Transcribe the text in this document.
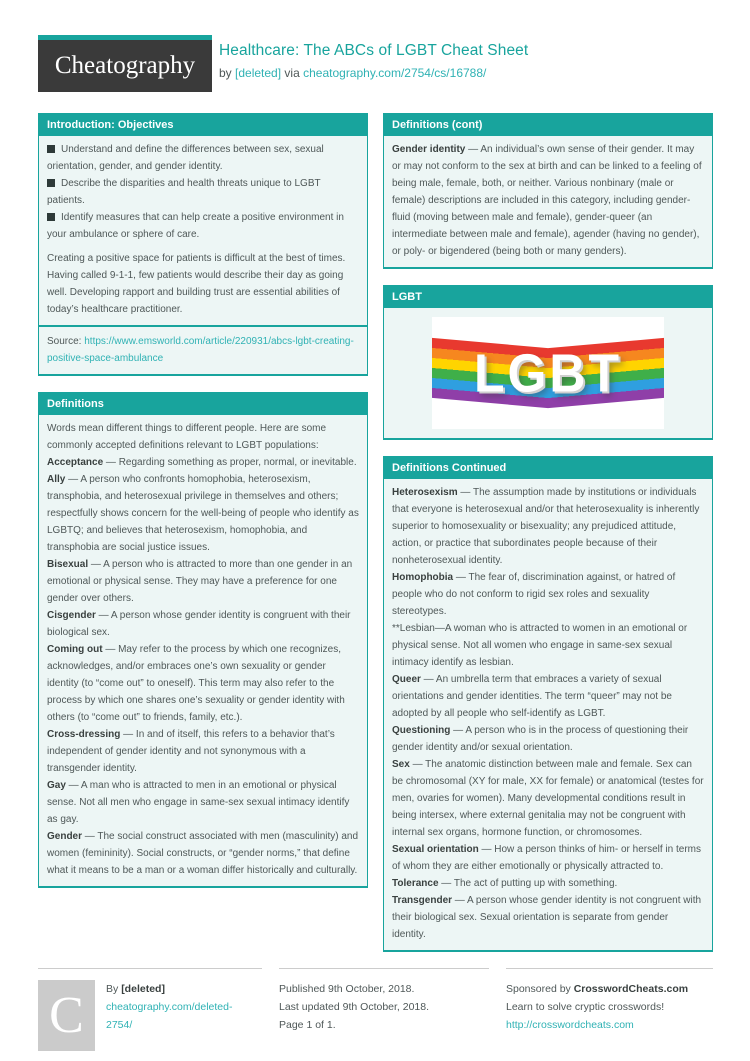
Cheatography
Healthcare: The ABCs of LGBT Cheat Sheet
by [deleted] via cheatography.com/2754/cs/16788/
Introduction: Objectives

Understand and define the differences between sex, sexual orientation, gender, and gender identity.

Describe the disparities and health threats unique to LGBT patients.

Identify measures that can help create a positive environment in your ambulance or sphere of care.

Creating a positive space for patients is difficult at the best of times. Having called 9-1-1, few patients would describe their day as going well. Developing rapport and building trust are essential abilities of today’s healthcare practitioner.

Source: https://www.emsworld.com/article/220931/abcs-lgbt-creating-positive-space-ambulance
Definitions

Words mean different things to different people. Here are some commonly accepted definitions relevant to LGBT populations:

Acceptance — Regarding something as proper, normal, or inevitable.

Ally — A person who confronts homophobia, heterosexism, transphobia, and heterosexual privilege in themselves and others; respectfully shows concern for the well-being of people who identify as LGBTQ; and believes that heterosexism, homophobia, and transphobia are social justice issues.

Bisexual — A person who is attracted to more than one gender in an emotional or physical sense. They may have a preference for one gender over others.

Cisgender — A person whose gender identity is congruent with their biological sex.

Coming out — May refer to the process by which one recognizes, acknowledges, and/or embraces one’s own sexuality or gender identity (to “come out” to oneself). This term may also refer to the process by which one shares one’s sexuality or gender identity with others (to “come out” to friends, family, etc.).

Cross-dressing — In and of itself, this refers to a behavior that’s independent of gender identity and not synonymous with a transgender identity.

Gay — A man who is attracted to men in an emotional or physical sense. Not all men who engage in same-sex sexual intimacy identify as gay.

Gender — The social construct associated with men (masculinity) and women (femininity). Social constructs, or “gender norms,” that define what it means to be a man or a woman differ historically and culturally.

Definitions (cont)

Gender identity — An individual’s own sense of their gender. It may or may not conform to the sex at birth and can be linked to a feeling of being male, female, both, or neither. Various nonbinary (male or female) descriptions are included in this category, including gender-fluid (moving between male and female), gender-queer (an intermediate between male and female), agender (having no gender), or poly- or bigendered (being both or many genders).

LGBT
LGBT
Definitions Continued

Heterosexism — The assumption made by institutions or individuals that everyone is heterosexual and/or that heterosexuality is inherently superior to homosexuality or bisexuality; any prejudiced attitude, action, or practice that subordinates people because of their nonheterosexual identity.

Homophobia — The fear of, discrimination against, or hatred of people who do not conform to rigid sex roles and sexuality stereotypes.

**Lesbian—A woman who is attracted to women in an emotional or physical sense. Not all women who engage in same-sex sexual intimacy identify as lesbian.

Queer — An umbrella term that embraces a variety of sexual orientations and gender identities. The term “queer” may not be adopted by all people who self-identify as LGBT.

Questioning — A person who is in the process of questioning their gender identity and/or sexual orientation.

Sex — The anatomic distinction between male and female. Sex can be chromosomal (XY for male, XX for female) or anatomical (testes for men, ovaries for women). Many developmental conditions result in being intersex, where external genitalia may not be congruent with internal sex organs, hormone function, or chromosomes.

Sexual orientation — How a person thinks of him- or herself in terms of whom they are either emotionally or physically attracted to.

Tolerance — The act of putting up with something.

Transgender — A person whose gender identity is not congruent with their biological sex. Sexual orientation is separate from gender identity.

C By [deleted]
cheatography.com/deleted-2754/
Published 9th October, 2018.
Last updated 9th October, 2018.
Page 1 of 1.
Sponsored by CrosswordCheats.com
Learn to solve cryptic crosswords!
http://crosswordcheats.com
